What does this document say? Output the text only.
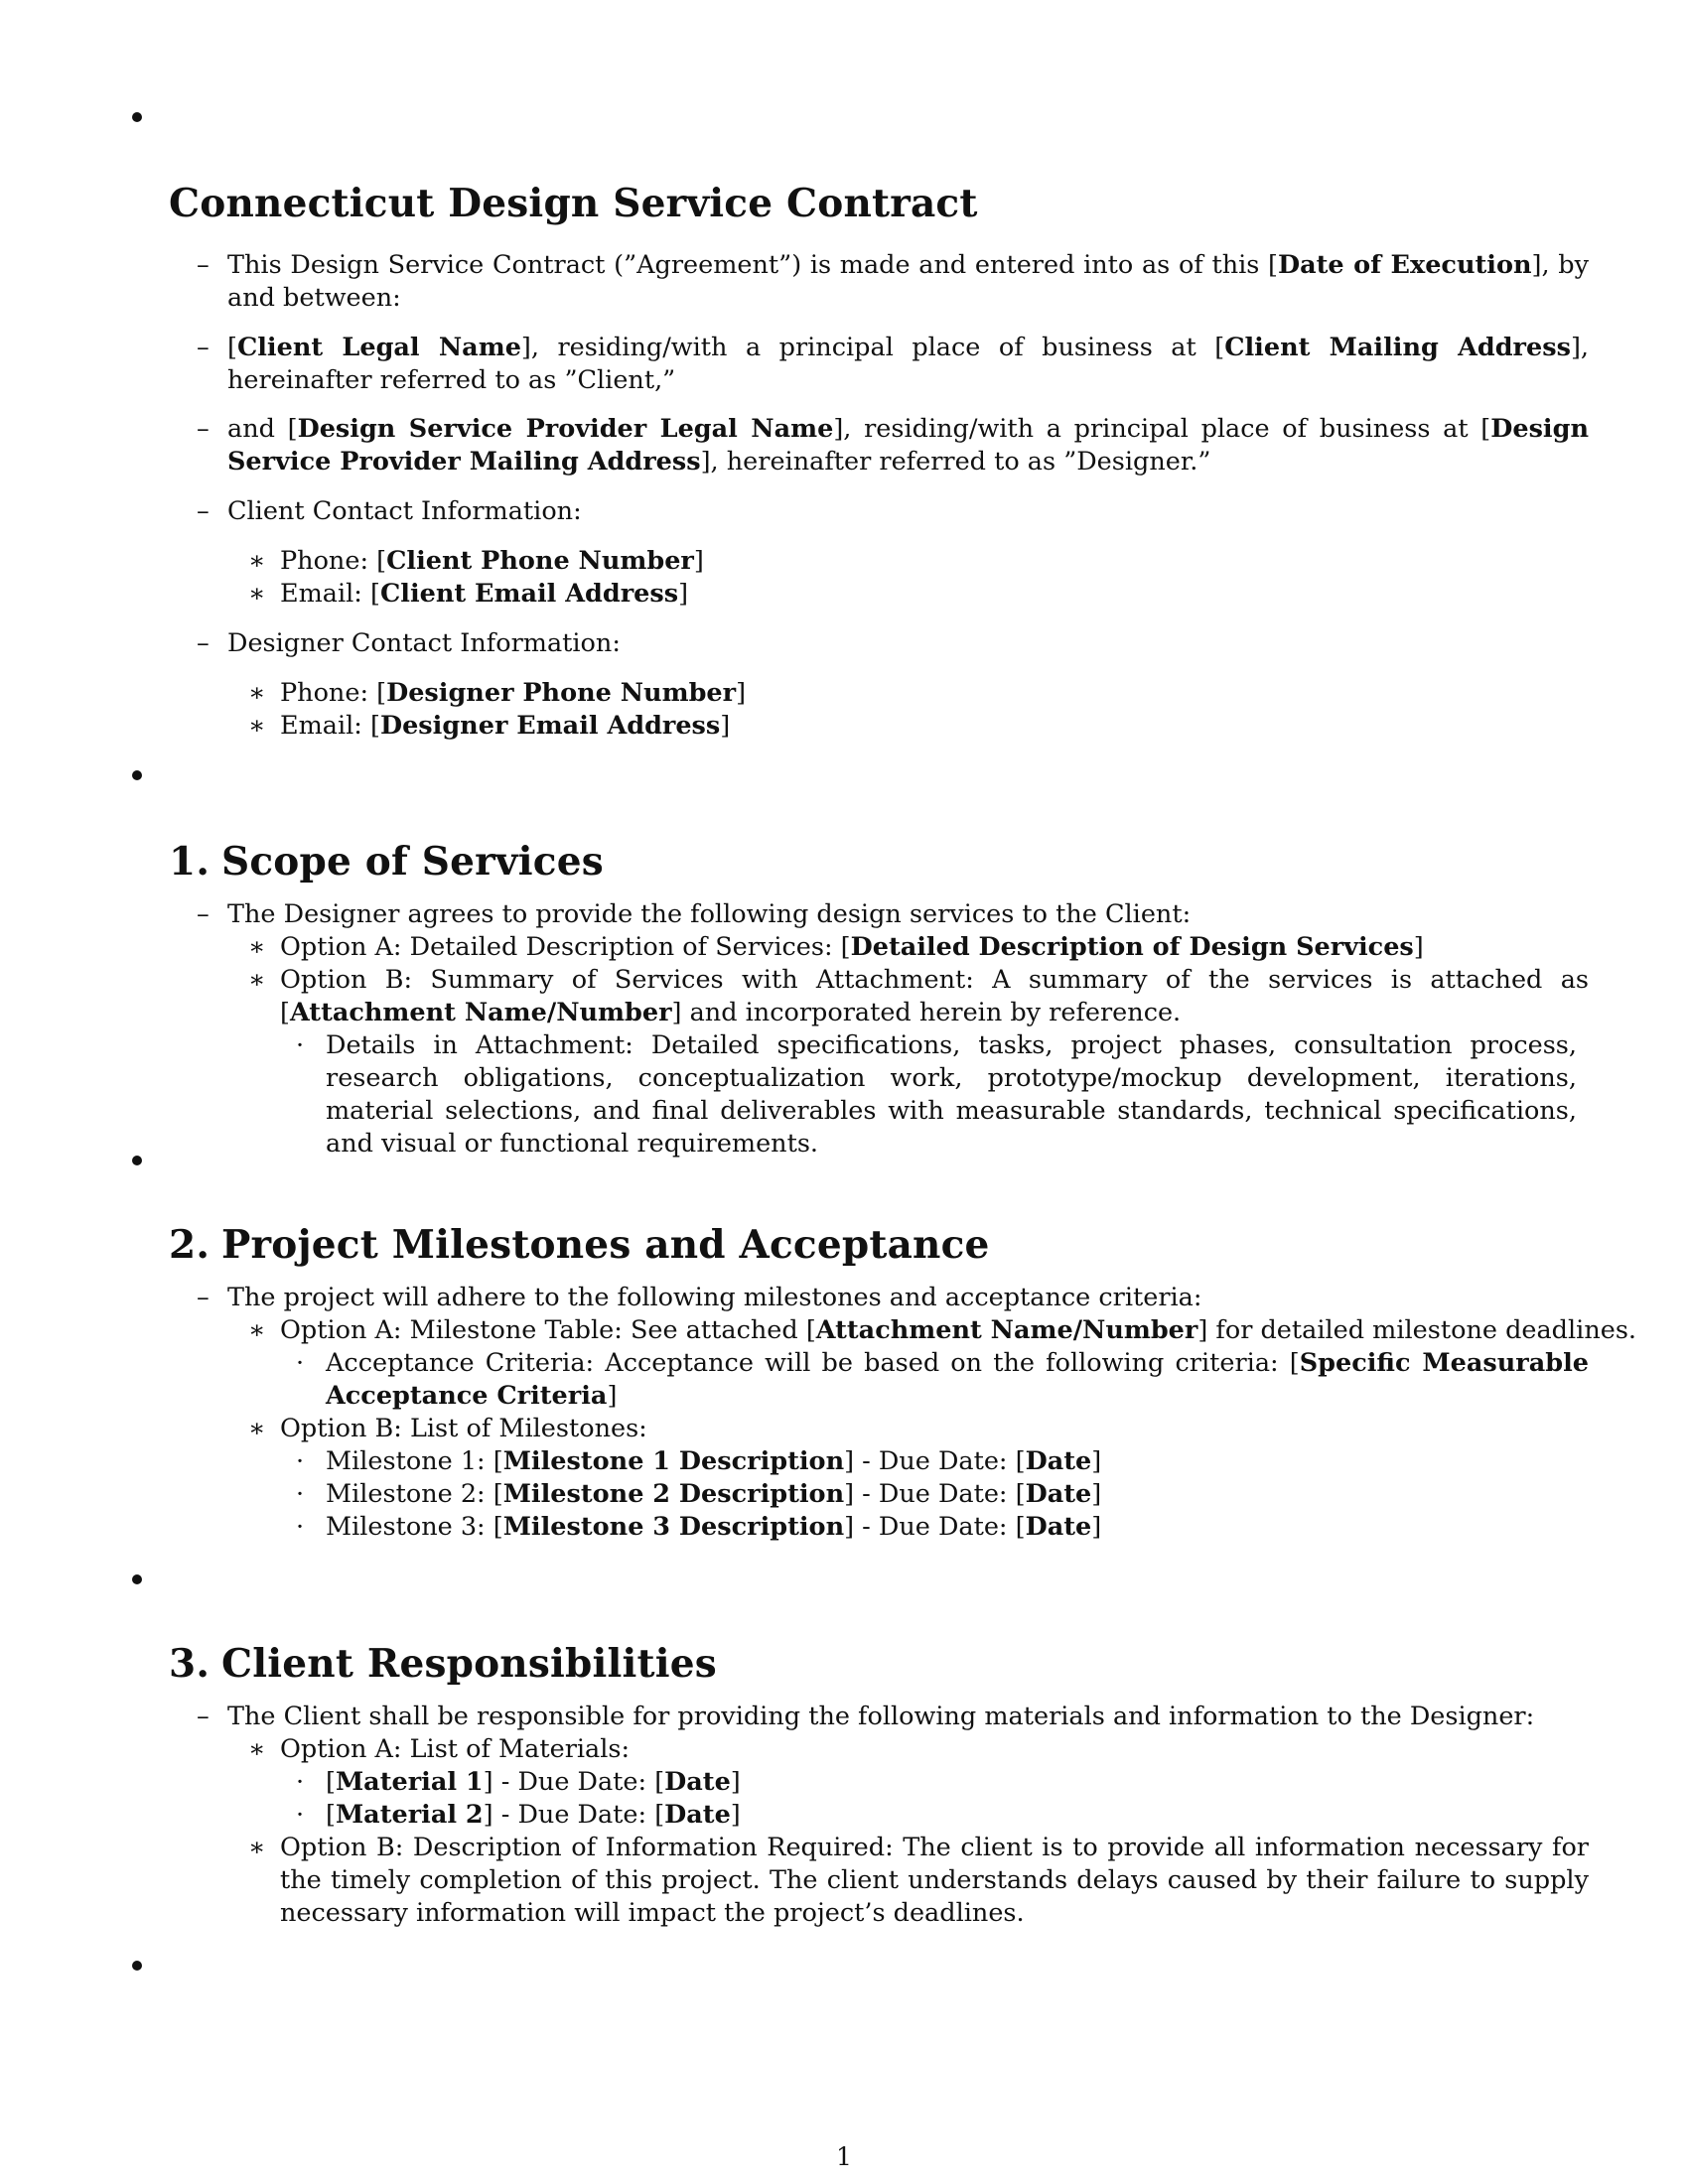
Connecticut Design Service Contract
– This Design Service Contract (”Agreement”) is made and entered into as of this [Date of Execution], by and between:
– [Client Legal Name], residing/with a principal place of business at [Client Mailing Address], hereinafter referred to as ”Client,”
– and [Design Service Provider Legal Name], residing/with a principal place of business at [Design Service Provider Mailing Address], hereinafter referred to as ”Designer.”
– Client Contact Information:
∗ Phone: [Client Phone Number]
∗ Email: [Client Email Address]
– Designer Contact Information:
∗ Phone: [Designer Phone Number]
∗ Email: [Designer Email Address]
1. Scope of Services
– The Designer agrees to provide the following design services to the Client:
∗ Option A: Detailed Description of Services: [Detailed Description of Design Services]
∗ Option B: Summary of Services with Attachment: A summary of the services is attached as [Attachment Name/Number] and incorporated herein by reference.
· Details in Attachment: Detailed specifications, tasks, project phases, consultation process, research obligations, conceptualization work, prototype/mockup development, iterations, material selections, and final deliverables with measurable standards, technical specifications, and visual or functional requirements.
2. Project Milestones and Acceptance
– The project will adhere to the following milestones and acceptance criteria:
∗ Option A: Milestone Table: See attached [Attachment Name/Number] for detailed milestone deadlines.
· Acceptance Criteria: Acceptance will be based on the following criteria: [Specific Measurable Acceptance Criteria]
∗ Option B: List of Milestones:
· Milestone 1: [Milestone 1 Description] - Due Date: [Date]
· Milestone 2: [Milestone 2 Description] - Due Date: [Date]
· Milestone 3: [Milestone 3 Description] - Due Date: [Date]
3. Client Responsibilities
– The Client shall be responsible for providing the following materials and information to the Designer:
∗ Option A: List of Materials:
· [Material 1] - Due Date: [Date]
· [Material 2] - Due Date: [Date]
∗ Option B: Description of Information Required: The client is to provide all information necessary for the timely completion of this project. The client understands delays caused by their failure to supply necessary information will impact the project’s deadlines.
1
